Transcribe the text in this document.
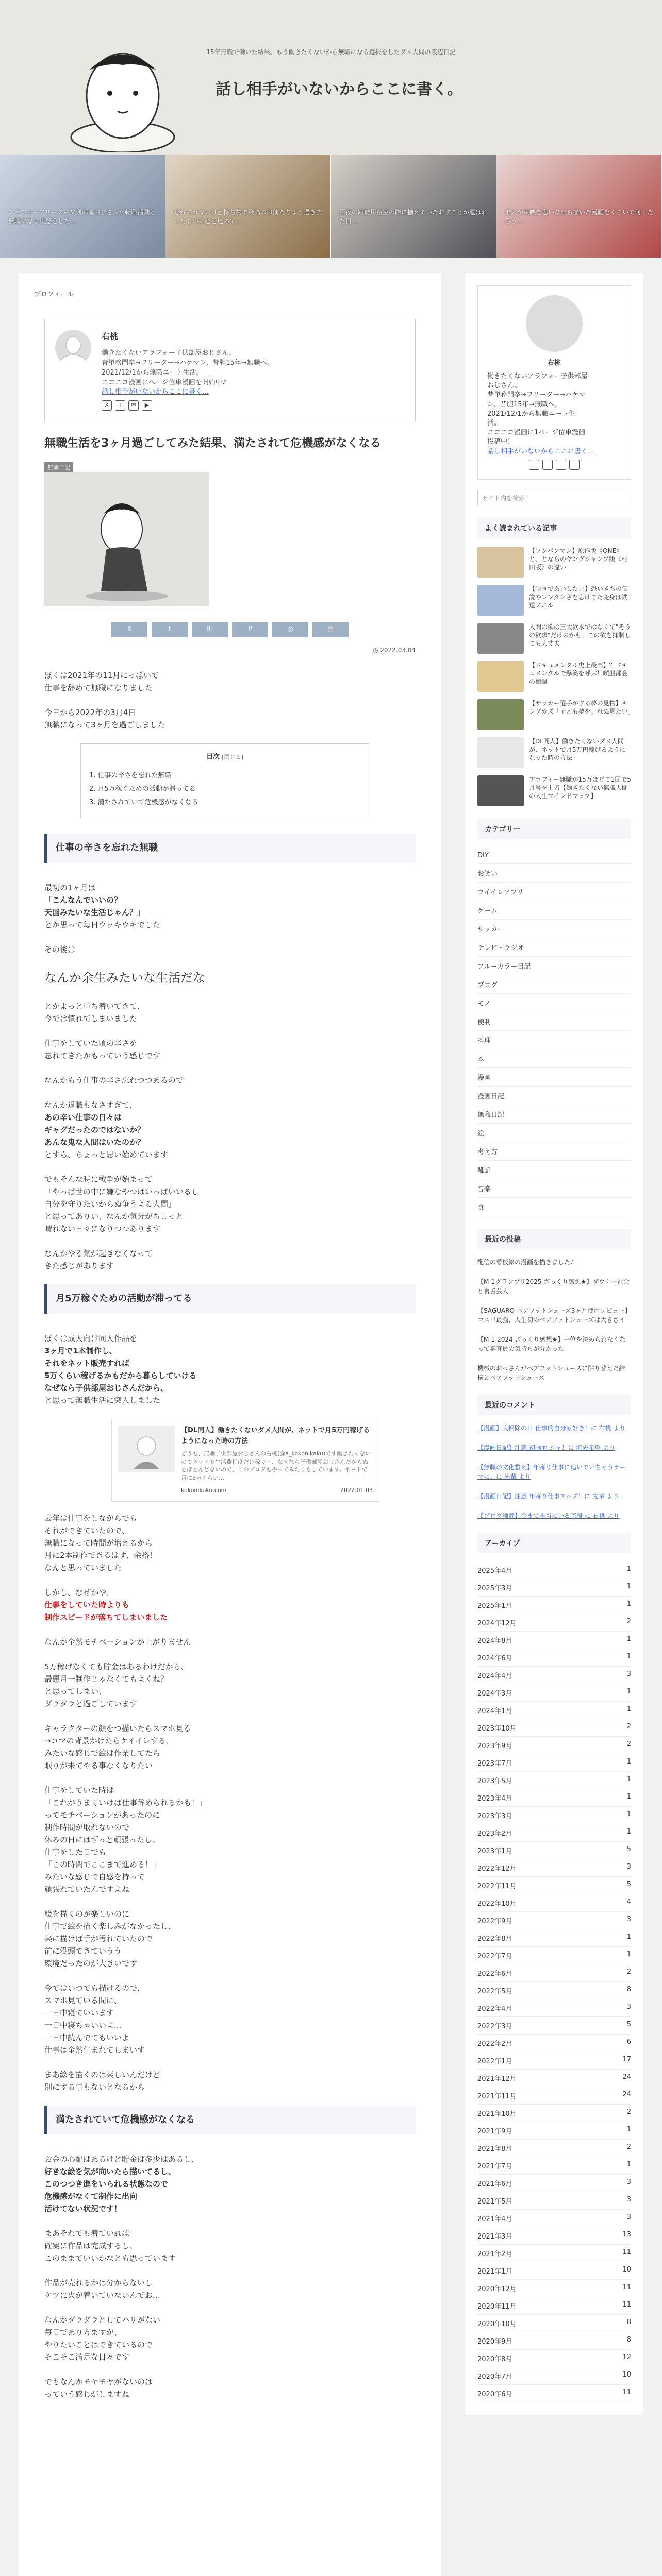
15年無職で働いた結果、もう働きたくないから無職になる選択をしたダメ人間の底辺日記
話し相手がいないからここに書く。
アラフォーフリーター夕列部屋おじさんが転職活動と無職になる決意をした…
忘れられないけど持ち物で最高のお前たちよう過ぎ去ったものに心を込めて…
深夜の距離用童空の際に揃えていたおすことが運ばれた日…
素人が東映を思いながら描いた漫画をくらいで何くだろう…
プロフィール
右桃
働きたくないアラフォー子供部屋おじさん。
昔単務門卒→フリーター→ハケマン、昔胆15年→無職へ。
2021/12/1から無職ニート生活。
ニコニコ漫画にページ位単漫画を開始中♪
話し相手がいないからここに書く…
X	f	✉	▶
無職生活を3ヶ月過ごしてみた結果、満たされて危機感がなくなる
無職日記
X	f	B!	P	◎	▤
◷ 2022.03.04

ぼくは2021年の11月にっぱいで
仕事を辞めて無職になりました

今日から2022年の3月4日
無職になって3ヶ月を過ごしました

目次 [閉じる]
1. 仕事の辛さを忘れた無職
2. 月5万稼ぐための活動が滞ってる
3. 満たされていて危機感がなくなる
仕事の辛さを忘れた無職

最初の1ヶ月は
「こんなんでいいの？
天国みたいな生活じゃん？」
とか思って毎日ウッキウキでした

その後は
なんか余生みたいな生活だな

とかよっと重ち着いてきて、
今では慣れてしまいました

仕事をしていた頃の辛さを
忘れてきたかもっていう感じです

なんかもう仕事の辛さ忘れつつあるので

なんか退職もなさすぎて、
あの辛い仕事の日々は
ギャグだったのではないか？
あんな鬼な人間はいたのか？
とすら、ちょっと思い始めています

でもそんな時に戦争が始まって
「やっぱ世の中に嫌なやつはいっぱいいるし
自分を守りたいからぬ争うよる人間」
と思ってありい、なんか気分がちょっと
晴れない日々になりつつあります

なんかやる気が起きなくなって
きた感じがあります

月5万稼ぐための活動が滞ってる

ぼくは成人向け同人作品を
3ヶ月で1本制作し、
それをネット販売すれば
5万くらい稼げるかもだから暮らしていける
なぜなら子供部屋おじさんだから、
と思って無職生活に突入しました

【DL同人】働きたくないダメ人間が、ネットで月5万円稼げるようになった時の方法
どうも、無職子供部屋おじさんの右桃(@a_kokonikaku)です働きたくないのでネットで生活費程度だけ稼ぐ・、なぜなら子供部屋おじさんだからぬとほとんどないので、このブログもやってみたりもしています。ネットで月に5万くらい…
kokonikaku.com	2022.01.03

去年は仕事をしながらでも
それができていたので、
無職になって時間が増えるから
月に2本制作できるはず、余裕！
なんと思っていました

しかし、なぜかや、
仕事をしていた時よりも
制作スピードが落ちてしまいました

なんか全然モチベーションが上がりません

5万稼げなくても貯金はあるわけだから、
最悪月一制作じゃなくてもよくね？
と思ってしまい、
ダラダラと過ごしています

キャラクターの顔をつ描いたらスマホ見る
→コマの背景かけたらケイイレする、
みたいな感じで絵は作業してたら
眠りが来てやる事なくなりたい

仕事をしていた時は
「これがうまくいけば仕事辞められるかも！」
ってモチベーションがあったのに
制作時間が取れないので
休みの日にはずっと頑張ったし、
仕事をした日でも
「この時間でここまで進める！」
みたいな感じで自感を持って
頑張れていたんですよね

絵を描くのが楽しいのに
仕事で絵を描く楽しみがなかったし、
楽に描けば手が汚れていたので
前に没頭できていうう
環境だったのが大きいです

今ではいつでも描けるので、
スマホ見ている間に、
一日中寝ていいます
一日中寝ちゃいいよ...
一日中読んでてもいいよ
仕事は全然生まれてしまいす

まあ絵を描くのは楽しいんだけど
別にする事もないとなるから

満たされていて危機感がなくなる

お金の心配はあるけど貯金は多少はあるし、
好きな絵を気が向いたら描いてるし、
このつつき進をいられる状態なので
危機感がなくて制作に出向
活けてない状況です！

まあそれでも着ていれば
確実に作品は完成するし、
このままでいいかなとも思っています

作品が売れるかは分からないし
ケツに火が着いていないんでお…

なんかダラダラとしてハリがない
毎日であり方ますが、
やりたいことはできているので
そこそこ満足な日々です

でもなんかモヤモヤがないのは
っていう感じがしますね

右桃
働きたくないアラフォー子供部屋
おじさん。
昔単務門卒→フリーター→ハケマ
ン、昔胆15年→無職へ。
2021/12/1から無職ニート生
活。
ニコニコ漫画に1ページ位単漫画
投稿中！
話し相手がいないからここに書く…
サイト内を検索
よく読まれている記事
【ワンパンマン】原作版《ONE》と、とならのヤングジャンプ版《村田版》の違い
【映画であいしたい】恐いきちの伝説やレンタンさを忘けてた変身は鉄道ノエル
人間の欲は三大欲求ではなくて"そうの欲求"だけのかも。この欲を抑制しても大丈夫
【ドキュメンタル史上最高】？ドキュメンタルで爆笑を呼ぶ！喫盤部会の衝撃
【サッカー選手がする夢の見物】キングカズ「子ども夢を。れぬ見たい」
【DL同人】働きたくないダメ人間が、ネットで月5万円稼げるようになった時の方法
アラフォー無職が15万ほどで1回で5月号を上皆【働きたくない無職人間の人生マインドマップ】
カテゴリー
DIY
お笑い
ウイイレアプリ
ゲーム
サッカー
テレビ・ラジオ
ブルーカラー日記
ブログ
モノ
便利
料理
本
漫画
漫画日記
無職日記
絵
考え方
雑記
音楽
食
最近の投稿
配信の看板絵の漫画を描きました♪
【M-1グランプリ2025 ざっくり感想★】ダウナー社会と裏舌芸人
【SAGUARO ベアフットシューズ3ヶ月使用レビュー】コスパ最強、人生初のベアフットシューズは大きさイ
【M-1 2024 ざっくり感想★】一位を決められなくなって審査員の気持ちが分かった
機械のおっさんがベアフットシューズに貼り替えた結構とベアフットシューズ
最近のコメント
【漫画】大掃除の日 仕事的自分も好き！に 右桃 より
【漫画日記】注意 初画面 ジャ！に 流先希望 より
【無職の文化整え】年寄り仕事に追いでいちゃうテーマに。に 先輩 より
【漫画日記】注意 年寄り仕事アップ！に 先輩 より
【ブログ論評】今まで本当にいる暗殺 に 右桃 より
アーカイブ
2025年4月	1
2025年3月	1
2025年1月	1
2024年12月	2
2024年8月	1
2024年6月	1
2024年4月	3
2024年3月	1
2024年1月	1
2023年10月	2
2023年9月	2
2023年7月	1
2023年5月	1
2023年4月	1
2023年3月	1
2023年2月	1
2023年1月	5
2022年12月	3
2022年11月	5
2022年10月	4
2022年9月	3
2022年8月	1
2022年7月	1
2022年6月	2
2022年5月	8
2022年4月	3
2022年3月	5
2022年2月	6
2022年1月	17
2021年12月	24
2021年11月	24
2021年10月	2
2021年9月	1
2021年8月	2
2021年7月	1
2021年6月	3
2021年5月	3
2021年4月	3
2021年3月	13
2021年2月	11
2021年1月	10
2020年12月	11
2020年11月	11
2020年10月	8
2020年9月	8
2020年8月	12
2020年7月	10
2020年6月	11
